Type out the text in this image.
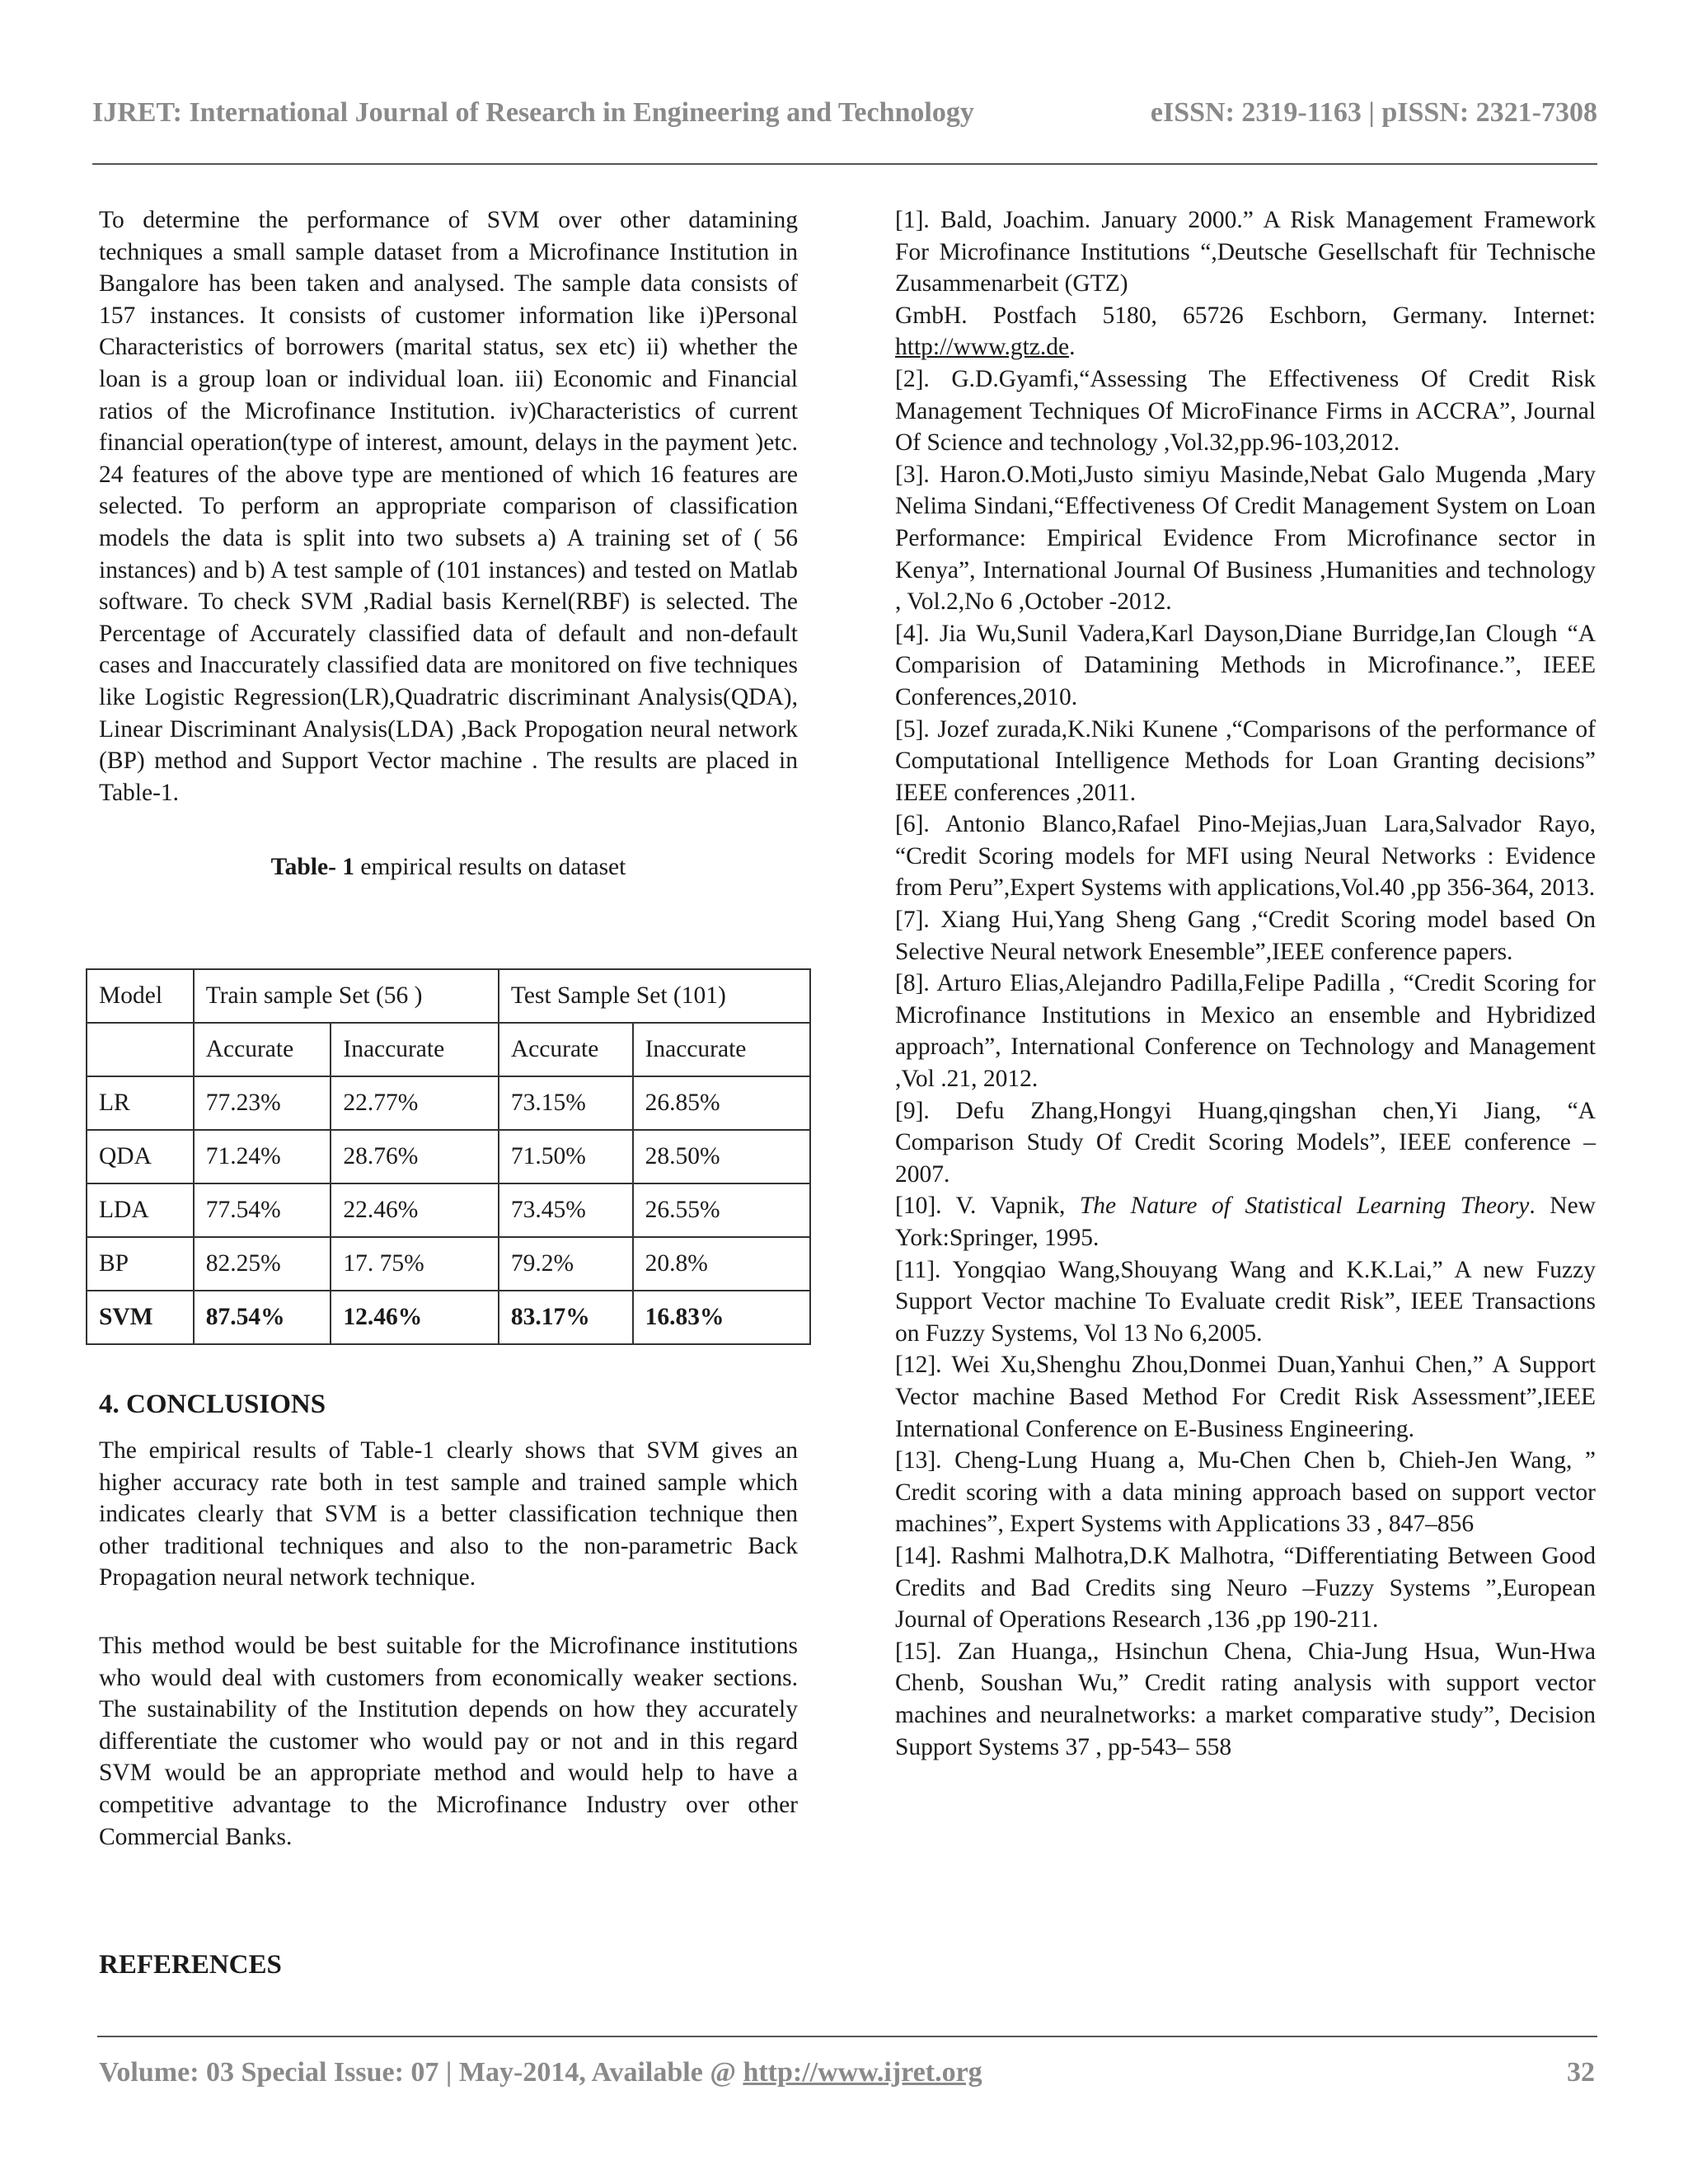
IJRET: International Journal of Research in Engineering and Technology	eISSN: 2319-1163 | pISSN: 2321-7308

To determine the performance of SVM over other datamining techniques a small sample dataset from a Microfinance Institution in Bangalore has been taken and analysed. The sample data consists of 157 instances. It consists of customer information like i)Personal Characteristics of borrowers (marital status, sex etc) ii) whether the loan is a group loan or individual loan. iii) Economic and Financial ratios of the Microfinance Institution. iv)Characteristics of current financial operation(type of interest, amount, delays in the payment )etc. 24 features of the above type are mentioned of which 16 features are selected. To perform an appropriate comparison of classification models the data is split into two subsets a) A training set of ( 56 instances) and b) A test sample of (101 instances) and tested on Matlab software. To check SVM ,Radial basis Kernel(RBF) is selected. The Percentage of Accurately classified data of default and non-default cases and Inaccurately classified data are monitored on five techniques like Logistic Regression(LR),Quadratric discriminant Analysis(QDA), Linear Discriminant Analysis(LDA) ,Back Propogation neural network (BP) method and Support Vector machine . The results are placed in Table-1.

Table- 1 empirical results on dataset

Model	Train sample Set (56 )		Test Sample Set (101)	
	Accurate	Inaccurate	Accurate	Inaccurate
LR	77.23%	22.77%	73.15%	26.85%
QDA	71.24%	28.76%	71.50%	28.50%
LDA	77.54%	22.46%	73.45%	26.55%
BP	82.25%	17. 75%	79.2%	20.8%
SVM	87.54%	12.46%	83.17%	16.83%
4. CONCLUSIONS

The empirical results of Table-1 clearly shows that SVM gives an higher accuracy rate both in test sample and trained sample which indicates clearly that SVM is a better classification technique then other traditional techniques and also to the non-parametric Back Propagation neural network technique.

This method would be best suitable for the Microfinance institutions who would deal with customers from economically weaker sections. The sustainability of the Institution depends on how they accurately differentiate the customer who would pay or not and in this regard SVM would be an appropriate method and would help to have a competitive advantage to the Microfinance Industry over other Commercial Banks.

REFERENCES

[1]. Bald, Joachim. January 2000.” A Risk Management Framework For Microfinance Institutions “,Deutsche Gesellschaft für Technische Zusammenarbeit (GTZ)
GmbH. Postfach 5180, 65726 Eschborn, Germany. Internet: http://www.gtz.de.

[2]. G.D.Gyamfi,“Assessing The Effectiveness Of Credit Risk Management Techniques Of MicroFinance Firms in ACCRA”, Journal Of Science and technology ,Vol.32,pp.96-103,2012.

[3]. Haron.O.Moti,Justo simiyu Masinde,Nebat Galo Mugenda ,Mary Nelima Sindani,“Effectiveness Of Credit Management System on Loan Performance: Empirical Evidence From Microfinance sector in Kenya”, International Journal Of Business ,Humanities and technology , Vol.2,No 6 ,October -2012.

[4]. Jia Wu,Sunil Vadera,Karl Dayson,Diane Burridge,Ian Clough “A Comparision of Datamining Methods in Microfinance.”, IEEE Conferences,2010.

[5]. Jozef zurada,K.Niki Kunene ,“Comparisons of the performance of Computational Intelligence Methods for Loan Granting decisions” IEEE conferences ,2011.

[6]. Antonio Blanco,Rafael Pino-Mejias,Juan Lara,Salvador Rayo, “Credit Scoring models for MFI using Neural Networks : Evidence from Peru”,Expert Systems with applications,Vol.40 ,pp 356-364, 2013.

[7]. Xiang Hui,Yang Sheng Gang ,“Credit Scoring model based On Selective Neural network Enesemble”,IEEE conference papers.

[8]. Arturo Elias,Alejandro Padilla,Felipe Padilla , “Credit Scoring for Microfinance Institutions in Mexico an ensemble and Hybridized approach”, International Conference on Technology and Management ,Vol .21, 2012.

[9]. Defu Zhang,Hongyi Huang,qingshan chen,Yi Jiang, “A Comparison Study Of Credit Scoring Models”, IEEE conference – 2007.

[10]. V. Vapnik, The Nature of Statistical Learning Theory. New York:Springer, 1995.

[11]. Yongqiao Wang,Shouyang Wang and K.K.Lai,” A new Fuzzy Support Vector machine To Evaluate credit Risk”, IEEE Transactions on Fuzzy Systems, Vol 13 No 6,2005.

[12]. Wei Xu,Shenghu Zhou,Donmei Duan,Yanhui Chen,” A Support Vector machine Based Method For Credit Risk Assessment”,IEEE International Conference on E-Business Engineering.

[13]. Cheng-Lung Huang a, Mu-Chen Chen b, Chieh-Jen Wang, ” Credit scoring with a data mining approach based on support vector machines”, Expert Systems with Applications 33 , 847–856

[14]. Rashmi Malhotra,D.K Malhotra, “Differentiating Between Good Credits and Bad Credits sing Neuro –Fuzzy Systems ”,European Journal of Operations Research ,136 ,pp 190-211.

[15]. Zan Huanga,, Hsinchun Chena, Chia-Jung Hsua, Wun-Hwa Chenb, Soushan Wu,” Credit rating analysis with support vector machines and neuralnetworks: a market comparative study”, Decision Support Systems 37 , pp-543– 558

Volume: 03 Special Issue: 07 | May-2014, Available @ http://www.ijret.org	32
